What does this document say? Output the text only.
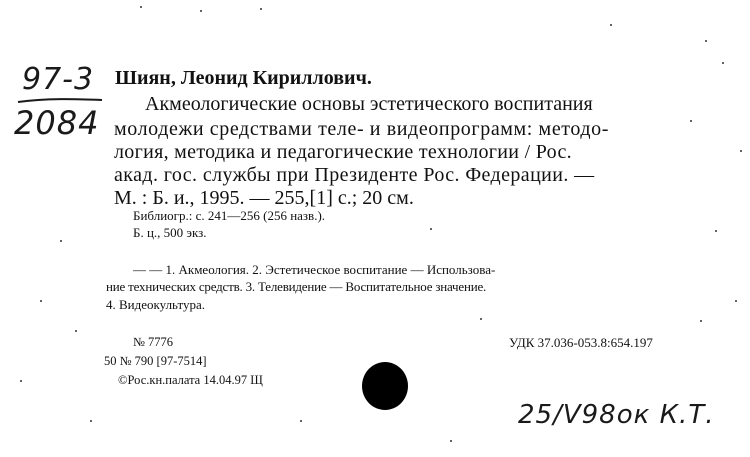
97-3
2084
Шиян, Леонид Кириллович.
Акмеологические основы эстетического воспитания
молодежи средствами теле- и видеопрограмм: методо-
логия, методика и педагогические технологии / Рос.
акад. гос. службы при Президенте Рос. Федерации. —
М. : Б. и., 1995. — 255,[1] с.; 20 см.
Библиогр.: с. 241—256 (256 назв.).
Б. ц., 500 экз.
— — 1. Акмеология. 2. Эстетическое воспитание — Использова-
ние технических средств. 3. Телевидение — Воспитательное значение.
4. Видеокультура.
№ 7776	УДК 37.036-053.8:654.197
50 № 790 [97-7514]
©Рос.кн.палата 14.04.97 Щ
25/V98ок К.Т.
